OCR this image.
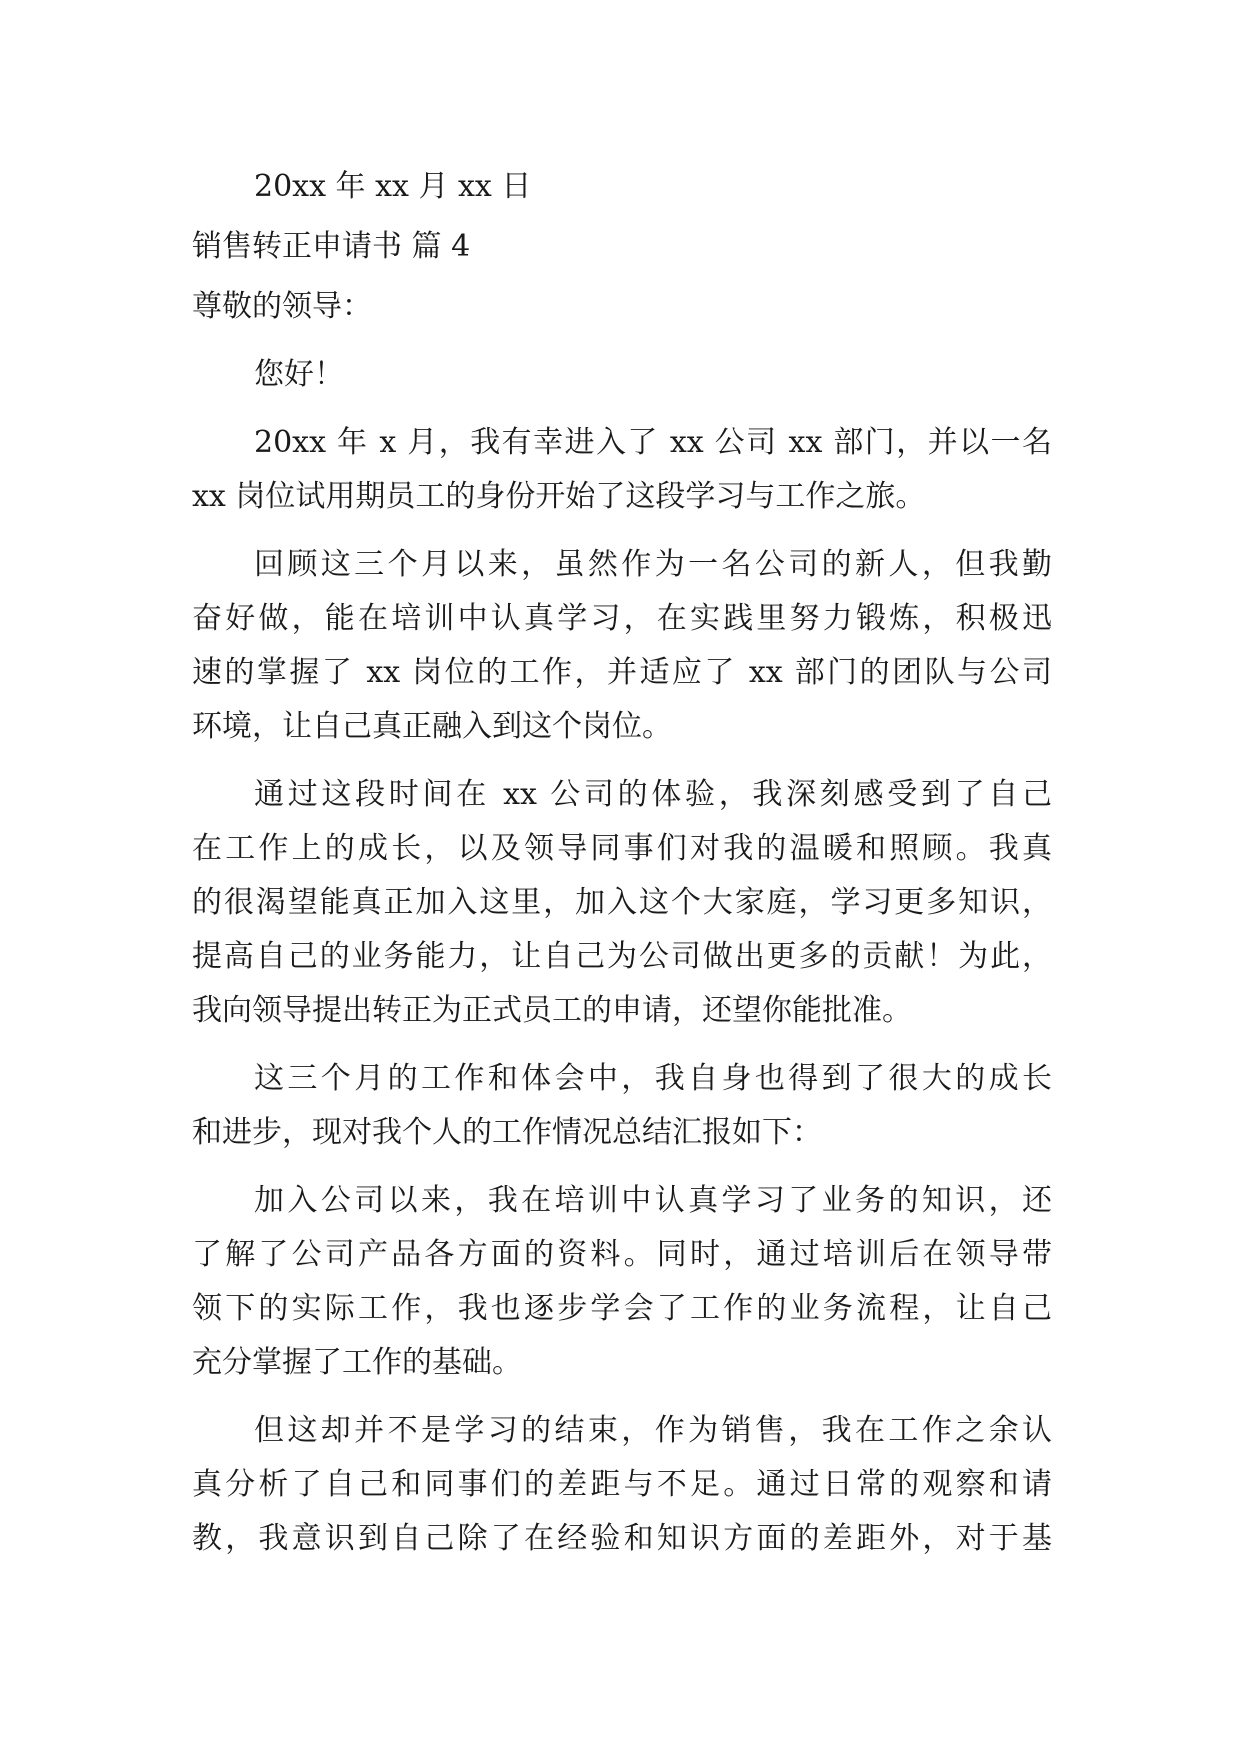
20xx 年 xx 月 xx 日

销售转正申请书 篇 4

尊敬的领导：

您好！

20xx 年 x 月，我有幸进入了 xx 公司 xx 部门，并以一名

xx 岗位试用期员工的身份开始了这段学习与工作之旅。

回顾这三个月以来，虽然作为一名公司的新人，但我勤

奋好做，能在培训中认真学习，在实践里努力锻炼，积极迅

速的掌握了 xx 岗位的工作，并适应了 xx 部门的团队与公司

环境，让自己真正融入到这个岗位。

通过这段时间在 xx 公司的体验，我深刻感受到了自己

在工作上的成长，以及领导同事们对我的温暖和照顾。我真

的很渴望能真正加入这里，加入这个大家庭，学习更多知识，

提高自己的业务能力，让自己为公司做出更多的贡献！为此，

我向领导提出转正为正式员工的申请，还望你能批准。

这三个月的工作和体会中，我自身也得到了很大的成长

和进步，现对我个人的工作情况总结汇报如下：

加入公司以来，我在培训中认真学习了业务的知识，还

了解了公司产品各方面的资料。同时，通过培训后在领导带

领下的实际工作，我也逐步学会了工作的业务流程，让自己

充分掌握了工作的基础。

但这却并不是学习的结束，作为销售，我在工作之余认

真分析了自己和同事们的差距与不足。通过日常的观察和请

教，我意识到自己除了在经验和知识方面的差距外，对于基
